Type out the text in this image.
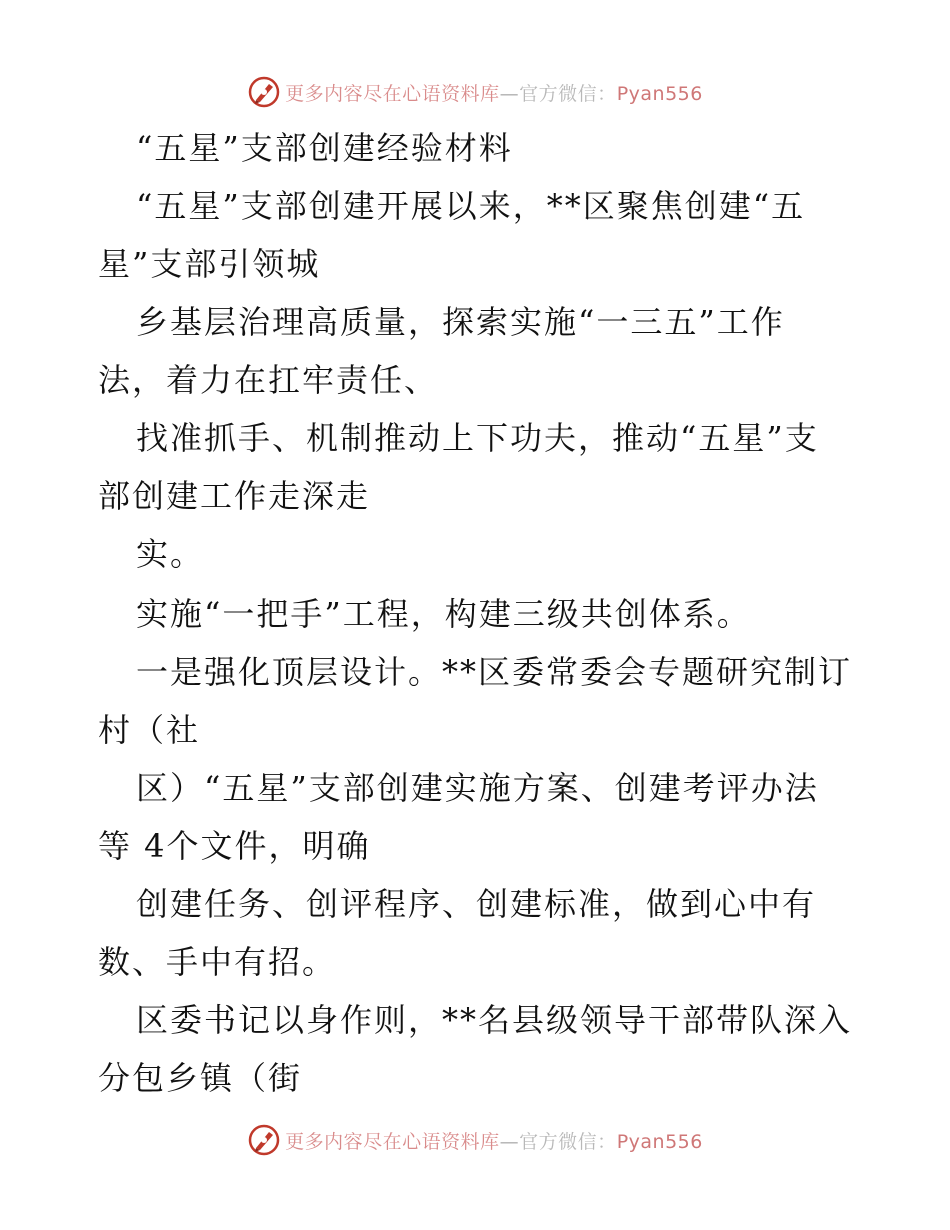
更多内容尽在心语资料库—官方微信：Pyan556
“五星”支部创建经验材料
“五星”支部创建开展以来，**区聚焦创建“五
星”支部引领城
乡基层治理高质量，探索实施“一三五”工作
法，着力在扛牢责任、
找准抓手、机制推动上下功夫，推动“五星”支
部创建工作走深走
实。
实施“一把手”工程，构建三级共创体系。
一是强化顶层设计。**区委常委会专题研究制订
村（社
区）“五星”支部创建实施方案、创建考评办法
等 4个文件，明确
创建任务、创评程序、创建标准，做到心中有
数、手中有招。
区委书记以身作则，**名县级领导干部带队深入
分包乡镇（街
更多内容尽在心语资料库—官方微信：Pyan556
